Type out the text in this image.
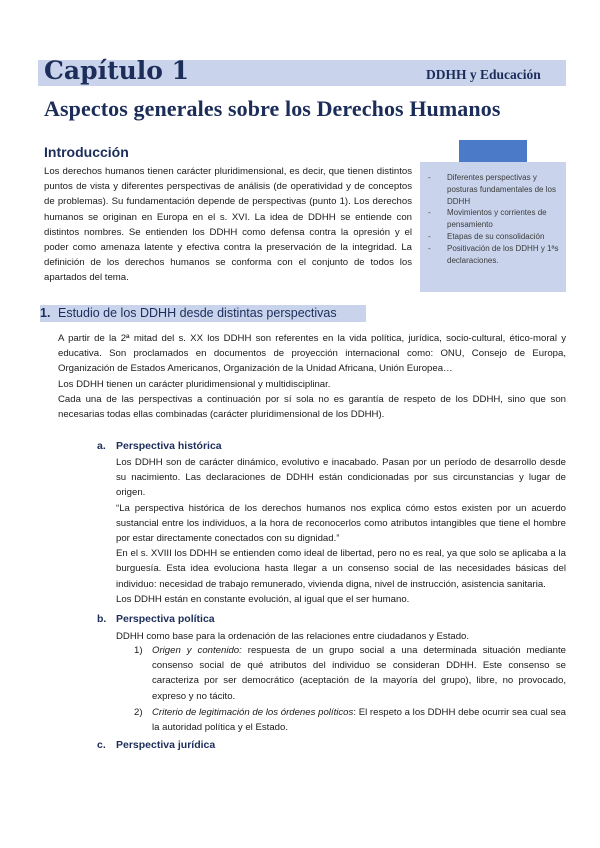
Capítulo 1	DDHH y Educación
Aspectos generales sobre los Derechos Humanos
Introducción
Los derechos humanos tienen carácter pluridimensional, es decir, que tienen distintos puntos de vista y diferentes perspectivas de análisis (de operatividad y de conceptos de problemas). Su fundamentación depende de perspectivas (punto 1). Los derechos humanos se originan en Europa en el s. XVI. La idea de DDHH se entiende con distintos nombres. Se entienden los DDHH como defensa contra la opresión y el poder como amenaza latente y efectiva contra la preservación de la integridad. La definición de los derechos humanos se conforma con el conjunto de todos los apartados del tema.
- Diferentes perspectivas y posturas fundamentales de los DDHH
- Movimientos y corrientes de pensamiento
- Etapas de su consolidación
- Positivación de los DDHH y 1ªs declaraciones.
1. Estudio de los DDHH desde distintas perspectivas
A partir de la 2ª mitad del s. XX los DDHH son referentes en la vida política, jurídica, socio-cultural, ético-moral y educativa. Son proclamados en documentos de proyección internacional como: ONU, Consejo de Europa, Organización de Estados Americanos, Organización de la Unidad Africana, Unión Europea…
Los DDHH tienen un carácter pluridimensional y multidisciplinar.
Cada una de las perspectivas a continuación por sí sola no es garantía de respeto de los DDHH, sino que son necesarias todas ellas combinadas (carácter pluridimensional de los DDHH).
a. Perspectiva histórica
Los DDHH son de carácter dinámico, evolutivo e inacabado. Pasan por un período de desarrollo desde su nacimiento. Las declaraciones de DDHH están condicionadas por sus circunstancias y lugar de origen.
“La perspectiva histórica de los derechos humanos nos explica cómo estos existen por un acuerdo sustancial entre los individuos, a la hora de reconocerlos como atributos intangibles que tiene el hombre por estar directamente conectados con su dignidad.”
En el s. XVIII los DDHH se entienden como ideal de libertad, pero no es real, ya que solo se aplicaba a la burguesía. Esta idea evoluciona hasta llegar a un consenso social de las necesidades básicas del individuo: necesidad de trabajo remunerado, vivienda digna, nivel de instrucción, asistencia sanitaria.
Los DDHH están en constante evolución, al igual que el ser humano.
b. Perspectiva política
DDHH como base para la ordenación de las relaciones entre ciudadanos y Estado.
1) Origen y contenido: respuesta de un grupo social a una determinada situación mediante consenso social de qué atributos del individuo se consideran DDHH. Este consenso se caracteriza por ser democrático (aceptación de la mayoría del grupo), libre, no provocado, expreso y no tácito.
2) Criterio de legitimación de los órdenes políticos: El respeto a los DDHH debe ocurrir sea cual sea la autoridad política y el Estado.
c. Perspectiva jurídica
